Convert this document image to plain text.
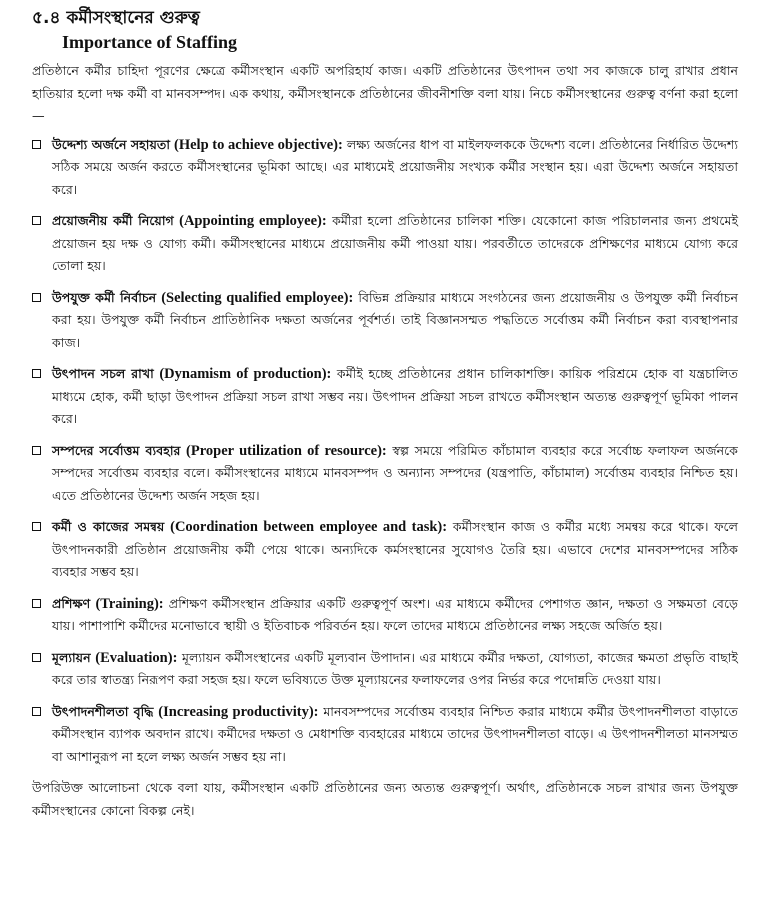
৫.৪ কর্মীসংস্থানের গুরুত্ব
Importance of Staffing

প্রতিষ্ঠানে কর্মীর চাহিদা পূরণের ক্ষেত্রে কর্মীসংস্থান একটি অপরিহার্য কাজ। একটি প্রতিষ্ঠানের উৎপাদন তথা সব কাজকে চালু রাখার প্রধান হাতিয়ার হলো দক্ষ কর্মী বা মানবসম্পদ। এক কথায়, কর্মীসংস্থানকে প্রতিষ্ঠানের জীবনীশক্তি বলা যায়। নিচে কর্মীসংস্থানের গুরুত্ব বর্ণনা করা হলো—

উদ্দেশ্য অর্জনে সহায়তা (Help to achieve objective): লক্ষ্য অর্জনের ধাপ বা মাইলফলককে উদ্দেশ্য বলে। প্রতিষ্ঠানের নির্ধারিত উদ্দেশ্য সঠিক সময়ে অর্জন করতে কর্মীসংস্থানের ভূমিকা আছে। এর মাধ্যমেই প্রয়োজনীয় সংখ্যক কর্মীর সংস্থান হয়। এরা উদ্দেশ্য অর্জনে সহায়তা করে।
প্রয়োজনীয় কর্মী নিয়োগ (Appointing employee): কর্মীরা হলো প্রতিষ্ঠানের চালিকা শক্তি। যেকোনো কাজ পরিচালনার জন্য প্রথমেই প্রয়োজন হয় দক্ষ ও যোগ্য কর্মী। কর্মীসংস্থানের মাধ্যমে প্রয়োজনীয় কর্মী পাওয়া যায়। পরবর্তীতে তাদেরকে প্রশিক্ষণের মাধ্যমে যোগ্য করে তোলা হয়।
উপযুক্ত কর্মী নির্বাচন (Selecting qualified employee): বিভিন্ন প্রক্রিয়ার মাধ্যমে সংগঠনের জন্য প্রয়োজনীয় ও উপযুক্ত কর্মী নির্বাচন করা হয়। উপযুক্ত কর্মী নির্বাচন প্রাতিষ্ঠানিক দক্ষতা অর্জনের পূর্বশর্ত। তাই বিজ্ঞানসম্মত পদ্ধতিতে সর্বোত্তম কর্মী নির্বাচন করা ব্যবস্থাপনার কাজ।
উৎপাদন সচল রাখা (Dynamism of production): কর্মীই হচ্ছে প্রতিষ্ঠানের প্রধান চালিকাশক্তি। কায়িক পরিশ্রমে হোক বা যন্ত্রচালিত মাধ্যমে হোক, কর্মী ছাড়া উৎপাদন প্রক্রিয়া সচল রাখা সম্ভব নয়। উৎপাদন প্রক্রিয়া সচল রাখতে কর্মীসংস্থান অত্যন্ত গুরুত্বপূর্ণ ভূমিকা পালন করে।
সম্পদের সর্বোত্তম ব্যবহার (Proper utilization of resource): স্বল্প সময়ে পরিমিত কাঁচামাল ব্যবহার করে সর্বোচ্চ ফলাফল অর্জনকে সম্পদের সর্বোত্তম ব্যবহার বলে। কর্মীসংস্থানের মাধ্যমে মানবসম্পদ ও অন্যান্য সম্পদের (যন্ত্রপাতি, কাঁচামাল) সর্বোত্তম ব্যবহার নিশ্চিত হয়। এতে প্রতিষ্ঠানের উদ্দেশ্য অর্জন সহজ হয়।
কর্মী ও কাজের সমন্বয় (Coordination between employee and task): কর্মীসংস্থান কাজ ও কর্মীর মধ্যে সমন্বয় করে থাকে। ফলে উৎপাদনকারী প্রতিষ্ঠান প্রয়োজনীয় কর্মী পেয়ে থাকে। অন্যদিকে কর্মসংস্থানের সুযোগও তৈরি হয়। এভাবে দেশের মানবসম্পদের সঠিক ব্যবহার সম্ভব হয়।
প্রশিক্ষণ (Training): প্রশিক্ষণ কর্মীসংস্থান প্রক্রিয়ার একটি গুরুত্বপূর্ণ অংশ। এর মাধ্যমে কর্মীদের পেশাগত জ্ঞান, দক্ষতা ও সক্ষমতা বেড়ে যায়। পাশাপাশি কর্মীদের মনোভাবে স্থায়ী ও ইতিবাচক পরিবর্তন হয়। ফলে তাদের মাধ্যমে প্রতিষ্ঠানের লক্ষ্য সহজে অর্জিত হয়।
মূল্যায়ন (Evaluation): মূল্যায়ন কর্মীসংস্থানের একটি মূল্যবান উপাদান। এর মাধ্যমে কর্মীর দক্ষতা, যোগ্যতা, কাজের ক্ষমতা প্রভৃতি বাছাই করে তার স্বাতন্ত্র্য নিরূপণ করা সহজ হয়। ফলে ভবিষ্যতে উক্ত মূল্যায়নের ফলাফলের ওপর নির্ভর করে পদোন্নতি দেওয়া যায়।
উৎপাদনশীলতা বৃদ্ধি (Increasing productivity): মানবসম্পদের সর্বোত্তম ব্যবহার নিশ্চিত করার মাধ্যমে কর্মীর উৎপাদনশীলতা বাড়াতে কর্মীসংস্থান ব্যাপক অবদান রাখে। কর্মীদের দক্ষতা ও মেধাশক্তি ব্যবহারের মাধ্যমে তাদের উৎপাদনশীলতা বাড়ে। এ উৎপাদনশীলতা মানসম্মত বা আশানুরূপ না হলে লক্ষ্য অর্জন সম্ভব হয় না।

উপরিউক্ত আলোচনা থেকে বলা যায়, কর্মীসংস্থান একটি প্রতিষ্ঠানের জন্য অত্যন্ত গুরুত্বপূর্ণ। অর্থাৎ, প্রতিষ্ঠানকে সচল রাখার জন্য উপযুক্ত কর্মীসংস্থানের কোনো বিকল্প নেই।
